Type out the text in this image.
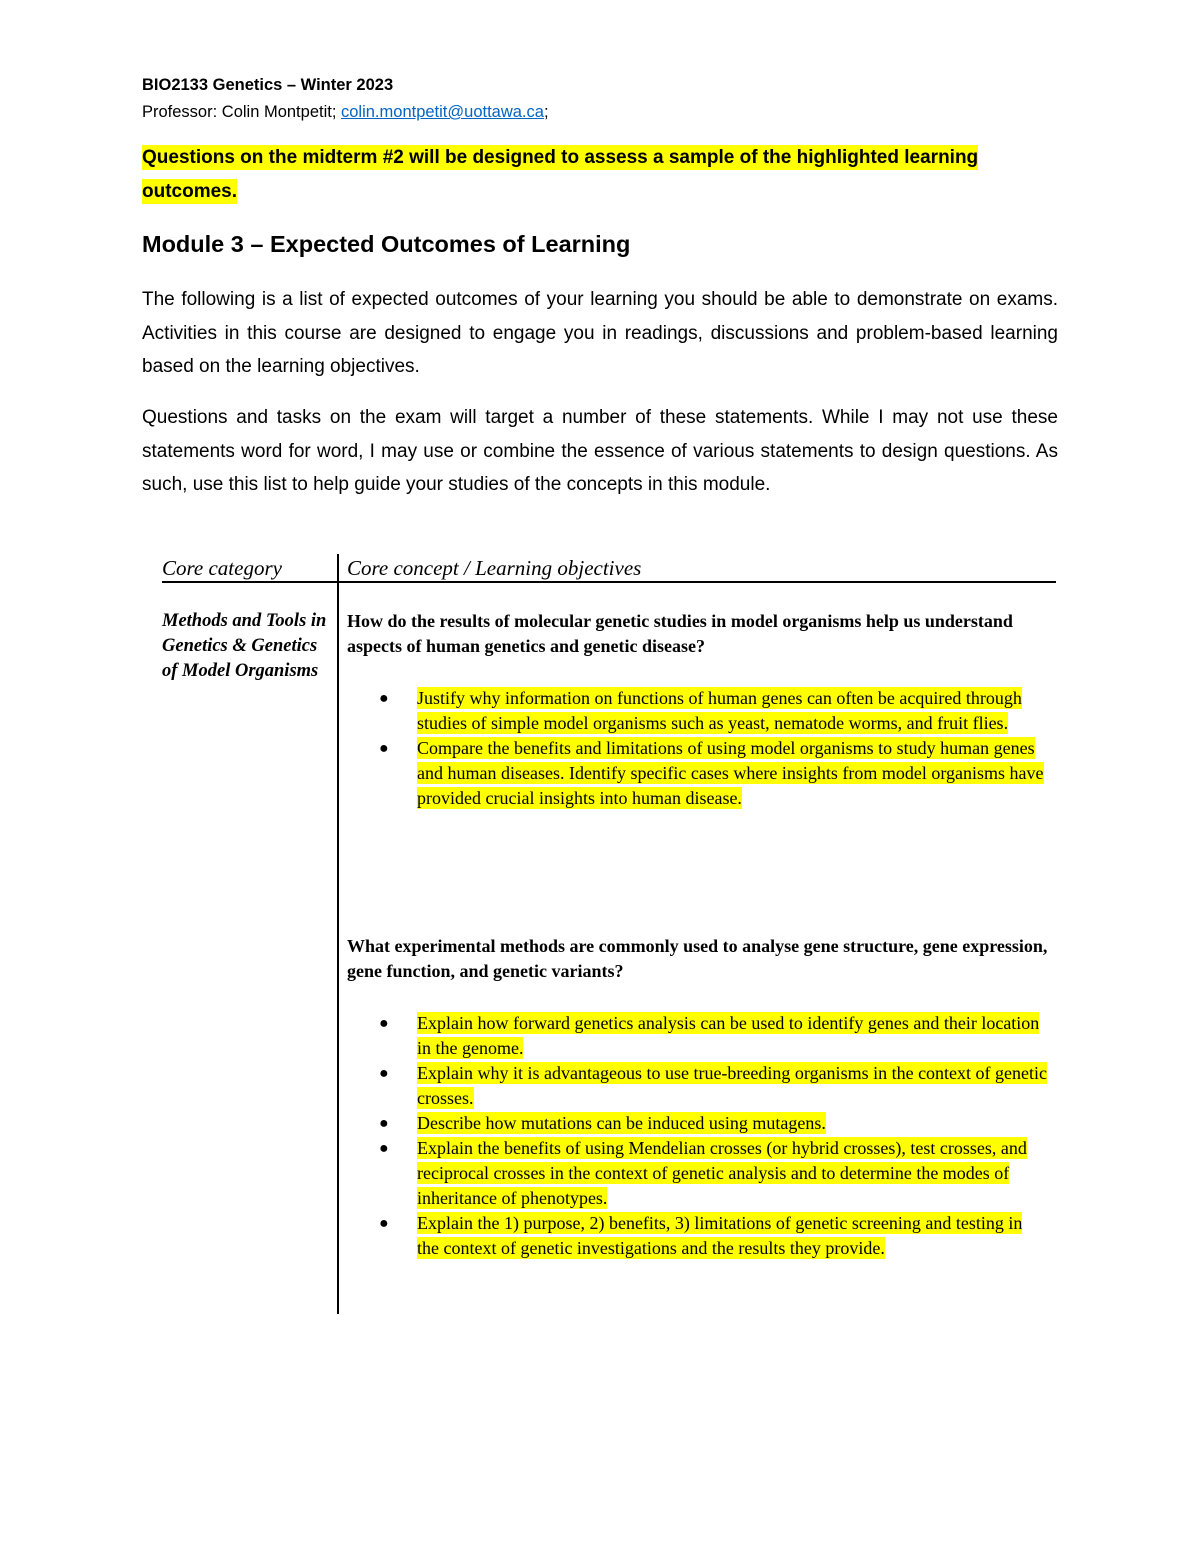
BIO2133 Genetics – Winter 2023
Professor: Colin Montpetit; colin.montpetit@uottawa.ca;
Questions on the midterm #2 will be designed to assess a sample of the highlighted learning outcomes.
Module 3 – Expected Outcomes of Learning

The following is a list of expected outcomes of your learning you should be able to demonstrate on exams. Activities in this course are designed to engage you in readings, discussions and problem-based learning based on the learning objectives.

Questions and tasks on the exam will target a number of these statements. While I may not use these statements word for word, I may use or combine the essence of various statements to design questions. As such, use this list to help guide your studies of the concepts in this module.

Core category	Core concept / Learning objectives
Methods and Tools in Genetics & Genetics of Model Organisms

How do the results of molecular genetic studies in model organisms help us understand aspects of human genetics and genetic disease?

● Justify why information on functions of human genes can often be acquired through studies of simple model organisms such as yeast, nematode worms, and fruit flies.
● Compare the benefits and limitations of using model organisms to study human genes and human diseases. Identify specific cases where insights from model organisms have provided crucial insights into human disease.

What experimental methods are commonly used to analyse gene structure, gene expression, gene function, and genetic variants?

● Explain how forward genetics analysis can be used to identify genes and their location in the genome.
● Explain why it is advantageous to use true-breeding organisms in the context of genetic crosses.
● Describe how mutations can be induced using mutagens.
● Explain the benefits of using Mendelian crosses (or hybrid crosses), test crosses, and reciprocal crosses in the context of genetic analysis and to determine the modes of inheritance of phenotypes.
● Explain the 1) purpose, 2) benefits, 3) limitations of genetic screening and testing in the context of genetic investigations and the results they provide.
